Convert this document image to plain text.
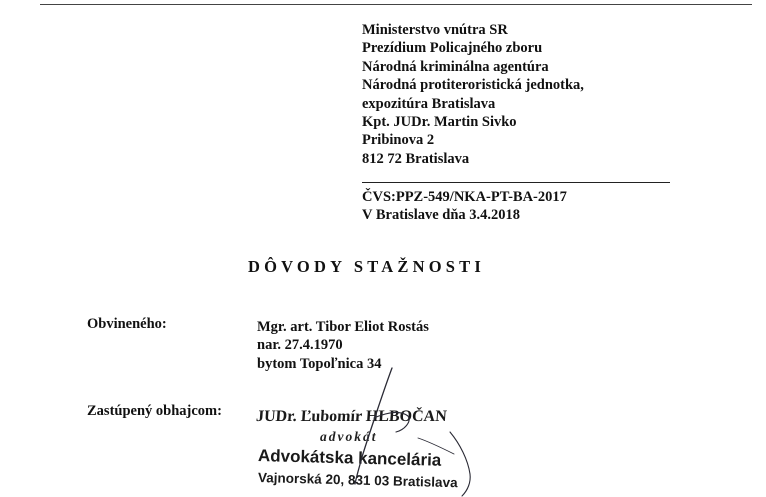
Ministerstvo vnútra SR
Prezídium Policajného zboru
Národná kriminálna agentúra
Národná protiteroristická jednotka,
expozitúra Bratislava
Kpt. JUDr. Martin Sivko
Pribinova 2
812 72 Bratislava
ČVS:PPZ-549/NKA-PT-BA-2017
V Bratislave dňa 3.4.2018
DÔVODY STAŽNOSTI
Obvineného:	Mgr. art. Tibor Eliot Rostás
nar. 27.4.1970
bytom Topoľnica 34
Zastúpený obhajcom: JUDr. Ľubomír HLBOČAN
advokát
Advokátska kancelária
Vajnorská 20, 831 03 Bratislava
